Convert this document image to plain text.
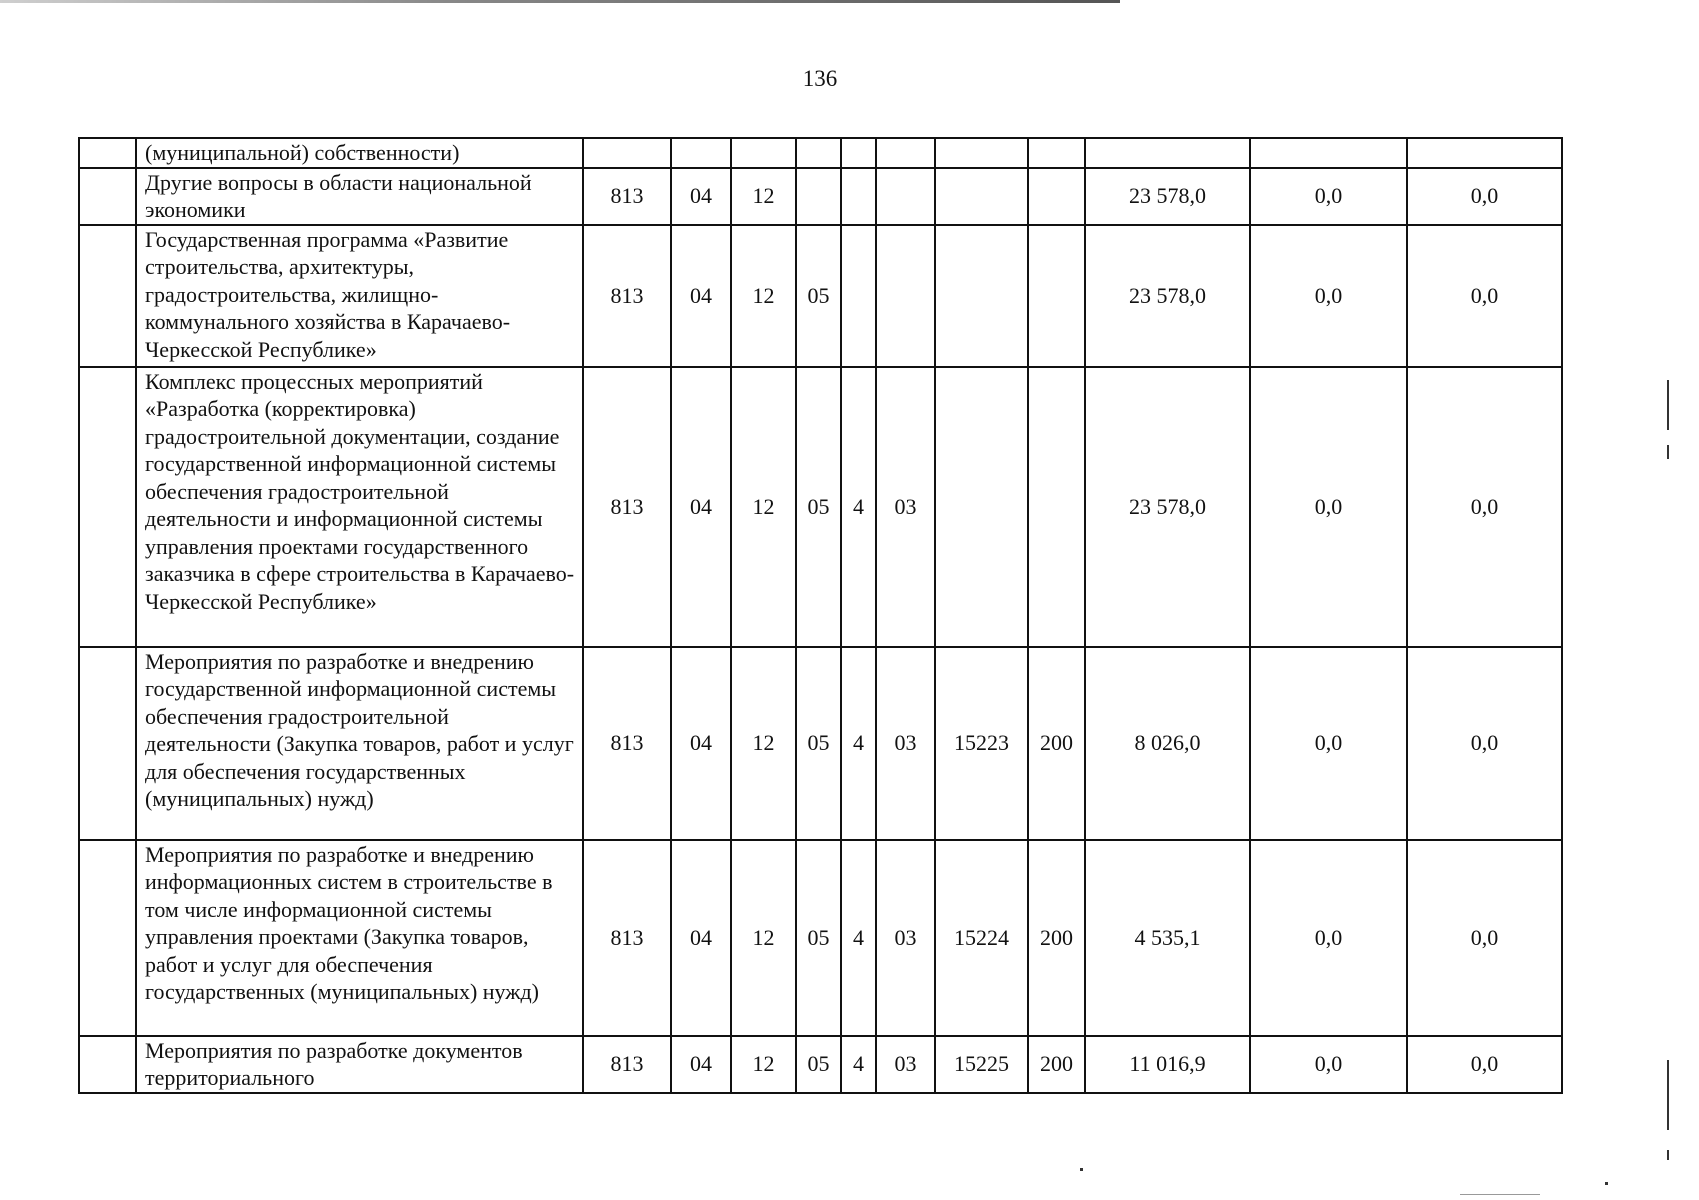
136
	(муниципальной) собственности)											
	Другие вопросы в области национальной экономики	813	04	12						23 578,0	0,0	0,0
	Государственная программа «Развитие строительства, архитектуры, градостроительства, жилищно-коммунального хозяйства в Карачаево-Черкесской Республике»	813	04	12	05					23 578,0	0,0	0,0
	Комплекс процессных мероприятий «Разработка (корректировка) градостроительной документации, создание государственной информационной системы обеспечения градостроительной деятельности и информационной системы управления проектами государственного заказчика в сфере строительства в Карачаево-Черкесской Республике»	813	04	12	05	4	03			23 578,0	0,0	0,0
	Мероприятия по разработке и внедрению государственной информационной системы обеспечения градостроительной деятельности (Закупка товаров, работ и услуг для обеспечения государственных (муниципальных) нужд)	813	04	12	05	4	03	15223	200	8 026,0	0,0	0,0
	Мероприятия по разработке и внедрению информационных систем в строительстве в том числе информационной системы управления проектами (Закупка товаров, работ и услуг для обеспечения государственных (муниципальных) нужд)	813	04	12	05	4	03	15224	200	4 535,1	0,0	0,0
	Мероприятия по разработке документов территориального	813	04	12	05	4	03	15225	200	11 016,9	0,0	0,0
